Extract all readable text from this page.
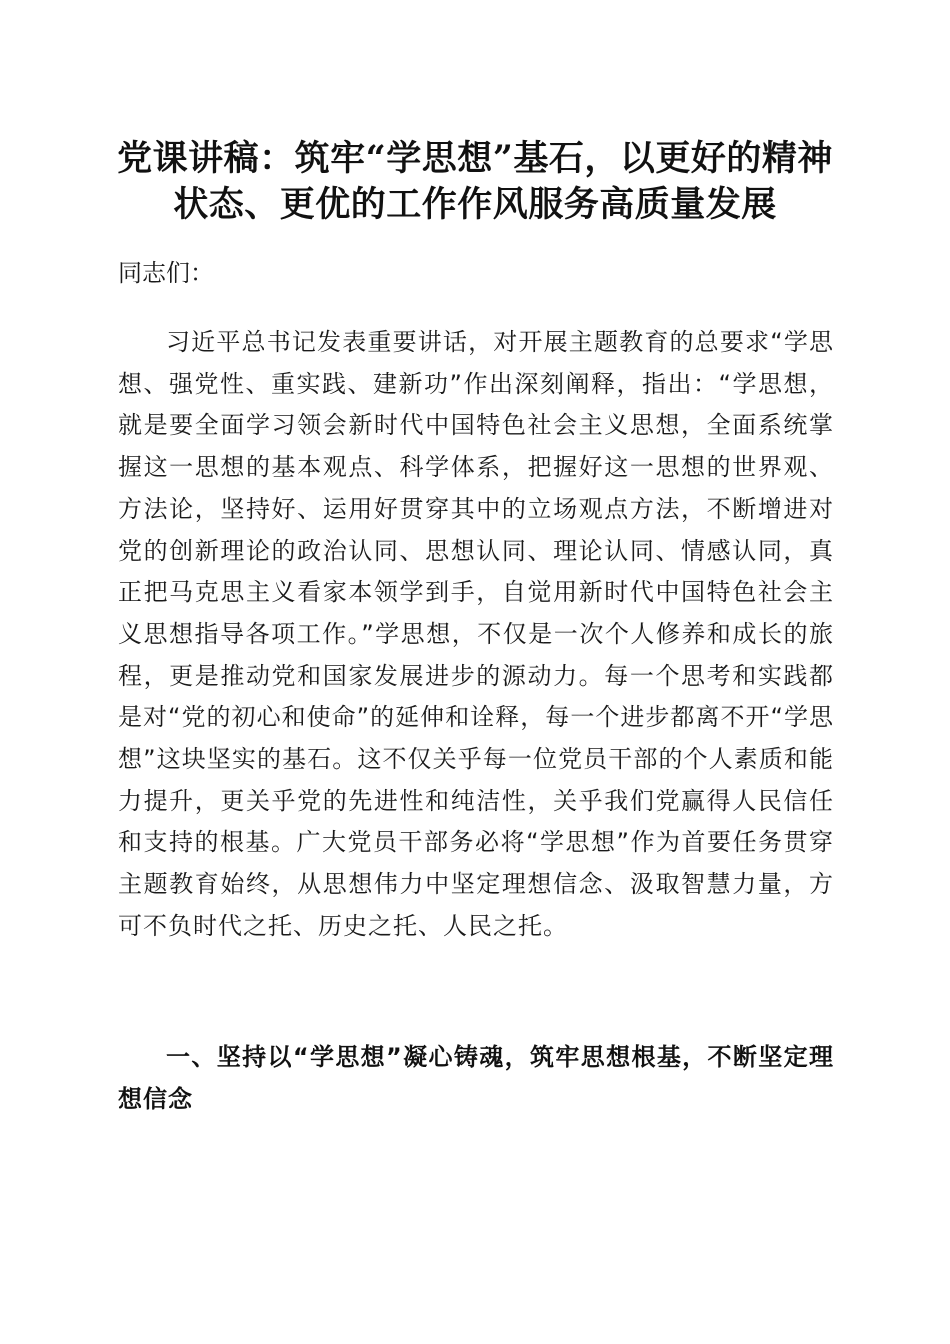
党课讲稿：筑牢“学思想”基石，以更好的精神状态、更优的工作作风服务高质量发展

同志们：

习近平总书记发表重要讲话，对开展主题教育的总要求“学思想、强党性、重实践、建新功”作出深刻阐释，指出：“学思想，就是要全面学习领会新时代中国特色社会主义思想，全面系统掌握这一思想的基本观点、科学体系，把握好这一思想的世界观、方法论，坚持好、运用好贯穿其中的立场观点方法，不断增进对党的创新理论的政治认同、思想认同、理论认同、情感认同，真正把马克思主义看家本领学到手，自觉用新时代中国特色社会主义思想指导各项工作。”学思想，不仅是一次个人修养和成长的旅程，更是推动党和国家发展进步的源动力。每一个思考和实践都是对“党的初心和使命”的延伸和诠释，每一个进步都离不开“学思想”这块坚实的基石。这不仅关乎每一位党员干部的个人素质和能力提升，更关乎党的先进性和纯洁性，关乎我们党赢得人民信任和支持的根基。广大党员干部务必将“学思想”作为首要任务贯穿主题教育始终，从思想伟力中坚定理想信念、汲取智慧力量，方可不负时代之托、历史之托、人民之托。

一、坚持以“学思想”凝心铸魂，筑牢思想根基，不断坚定理想信念
